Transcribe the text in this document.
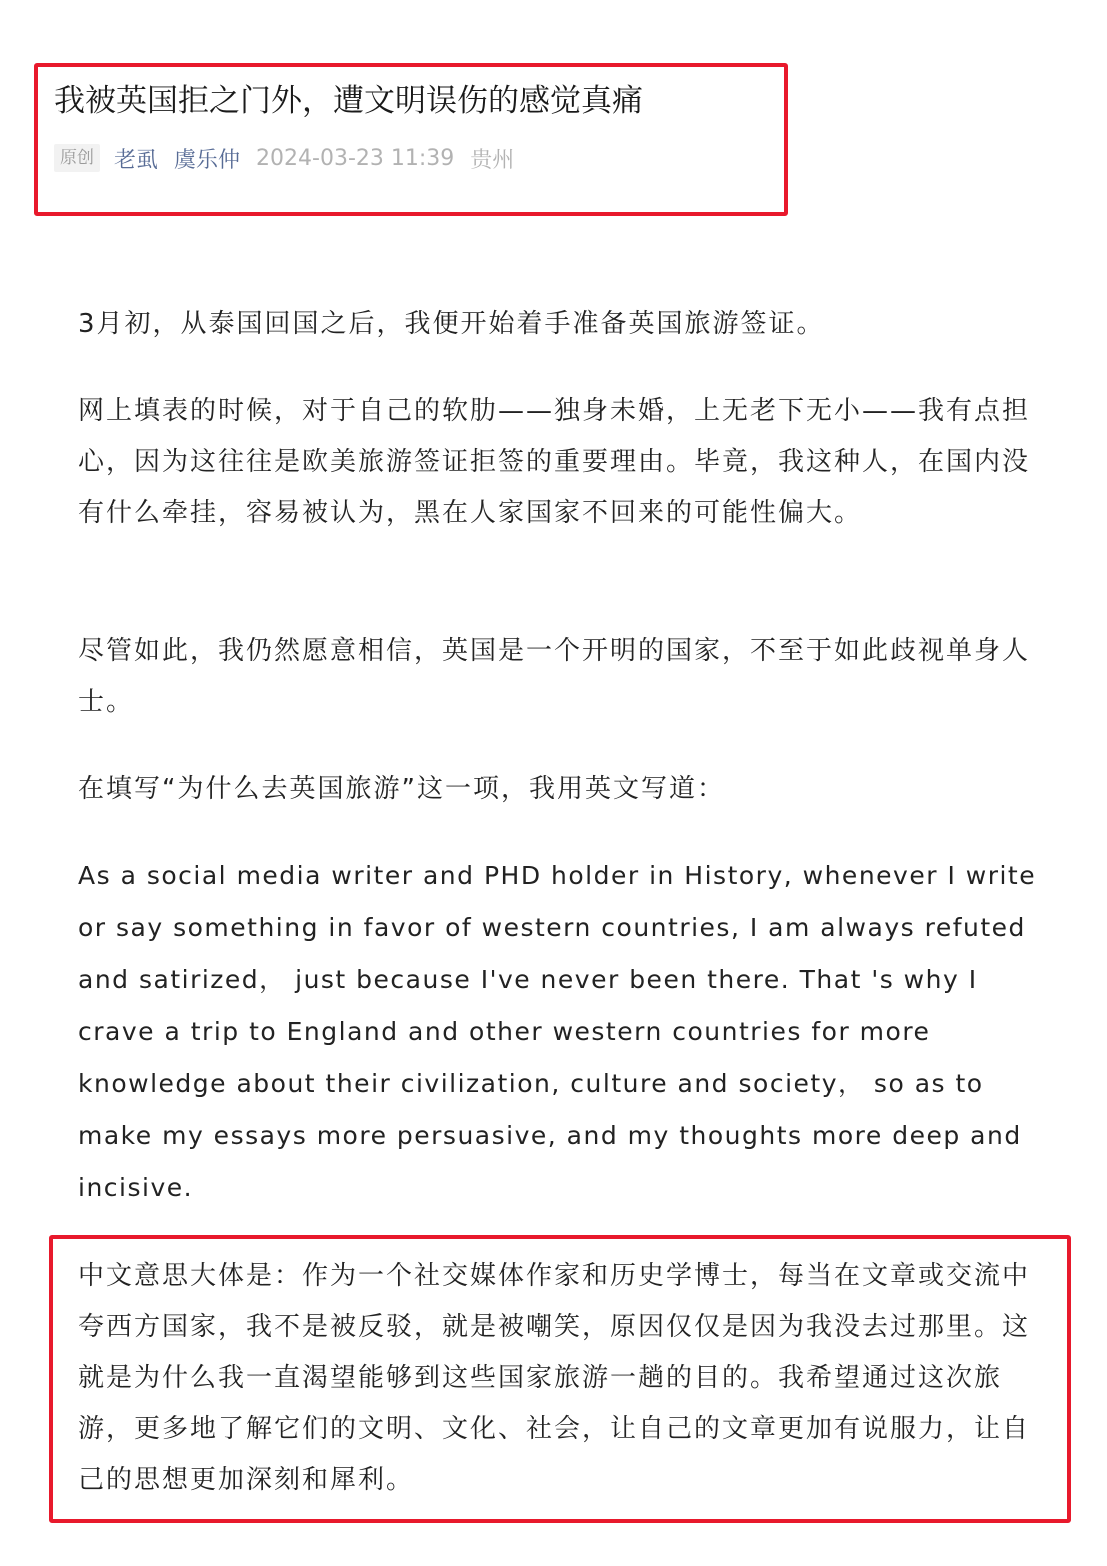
我被英国拒之门外，遭文明误伤的感觉真痛
原创 老虱 虞乐仲 2024-03-23 11:39 贵州

3月初，从泰国回国之后，我便开始着手准备英国旅游签证。

网上填表的时候，对于自己的软肋——独身未婚，上无老下无小——我有点担心，因为这往往是欧美旅游签证拒签的重要理由。毕竟，我这种人，在国内没有什么牵挂，容易被认为，黑在人家国家不回来的可能性偏大。

尽管如此，我仍然愿意相信，英国是一个开明的国家，不至于如此歧视单身人士。

在填写“为什么去英国旅游”这一项，我用英文写道：

As a social media writer and PHD holder in History, whenever I write or say something in favor of western countries, I am always refuted and satirized， just because I've never been there. That 's why I crave a trip to England and other western countries for more knowledge about their civilization, culture and society， so as to make my essays more persuasive, and my thoughts more deep and incisive.

中文意思大体是：作为一个社交媒体作家和历史学博士，每当在文章或交流中夸西方国家，我不是被反驳，就是被嘲笑，原因仅仅是因为我没去过那里。这就是为什么我一直渴望能够到这些国家旅游一趟的目的。我希望通过这次旅游，更多地了解它们的文明、文化、社会，让自己的文章更加有说服力，让自己的思想更加深刻和犀利。
